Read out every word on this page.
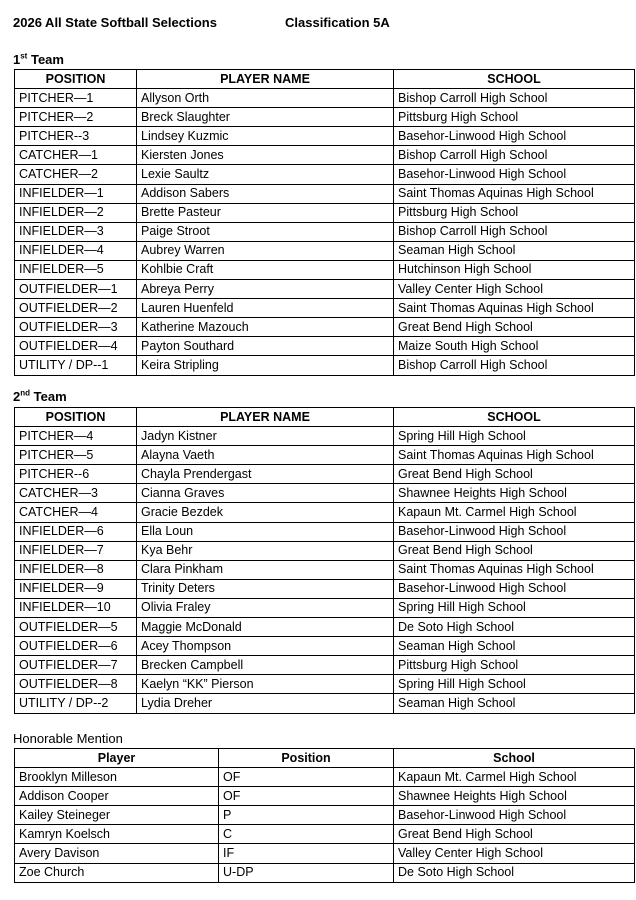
2026 All State Softball Selections	Classification 5A
1st Team
POSITION	PLAYER NAME	SCHOOL
PITCHER—1	Allyson Orth	Bishop Carroll High School
PITCHER—2	Breck Slaughter	Pittsburg High School
PITCHER--3	Lindsey Kuzmic	Basehor-Linwood High School
CATCHER—1	Kiersten Jones	Bishop Carroll High School
CATCHER—2	Lexie Saultz	Basehor-Linwood High School
INFIELDER—1	Addison Sabers	Saint Thomas Aquinas High School
INFIELDER—2	Brette Pasteur	Pittsburg High School
INFIELDER—3	Paige Stroot	Bishop Carroll High School
INFIELDER—4	Aubrey Warren	Seaman High School
INFIELDER—5	Kohlbie Craft	Hutchinson High School
OUTFIELDER—1	Abreya Perry	Valley Center High School
OUTFIELDER—2	Lauren Huenfeld	Saint Thomas Aquinas High School
OUTFIELDER—3	Katherine Mazouch	Great Bend High School
OUTFIELDER—4	Payton Southard	Maize South High School
UTILITY / DP--1	Keira Stripling	Bishop Carroll High School
2nd Team
POSITION	PLAYER NAME	SCHOOL
PITCHER—4	Jadyn Kistner	Spring Hill High School
PITCHER—5	Alayna Vaeth	Saint Thomas Aquinas High School
PITCHER--6	Chayla Prendergast	Great Bend High School
CATCHER—3	Cianna Graves	Shawnee Heights High School
CATCHER—4	Gracie Bezdek	Kapaun Mt. Carmel High School
INFIELDER—6	Ella Loun	Basehor-Linwood High School
INFIELDER—7	Kya Behr	Great Bend High School
INFIELDER—8	Clara Pinkham	Saint Thomas Aquinas High School
INFIELDER—9	Trinity Deters	Basehor-Linwood High School
INFIELDER—10	Olivia Fraley	Spring Hill High School
OUTFIELDER—5	Maggie McDonald	De Soto High School
OUTFIELDER—6	Acey Thompson	Seaman High School
OUTFIELDER—7	Brecken Campbell	Pittsburg High School
OUTFIELDER—8	Kaelyn “KK” Pierson	Spring Hill High School
UTILITY / DP--2	Lydia Dreher	Seaman High School
Honorable Mention
Player	Position	School
Brooklyn Milleson	OF	Kapaun Mt. Carmel High School
Addison Cooper	OF	Shawnee Heights High School
Kailey Steineger	P	Basehor-Linwood High School
Kamryn Koelsch	C	Great Bend High School
Avery Davison	IF	Valley Center High School
Zoe Church	U-DP	De Soto High School
